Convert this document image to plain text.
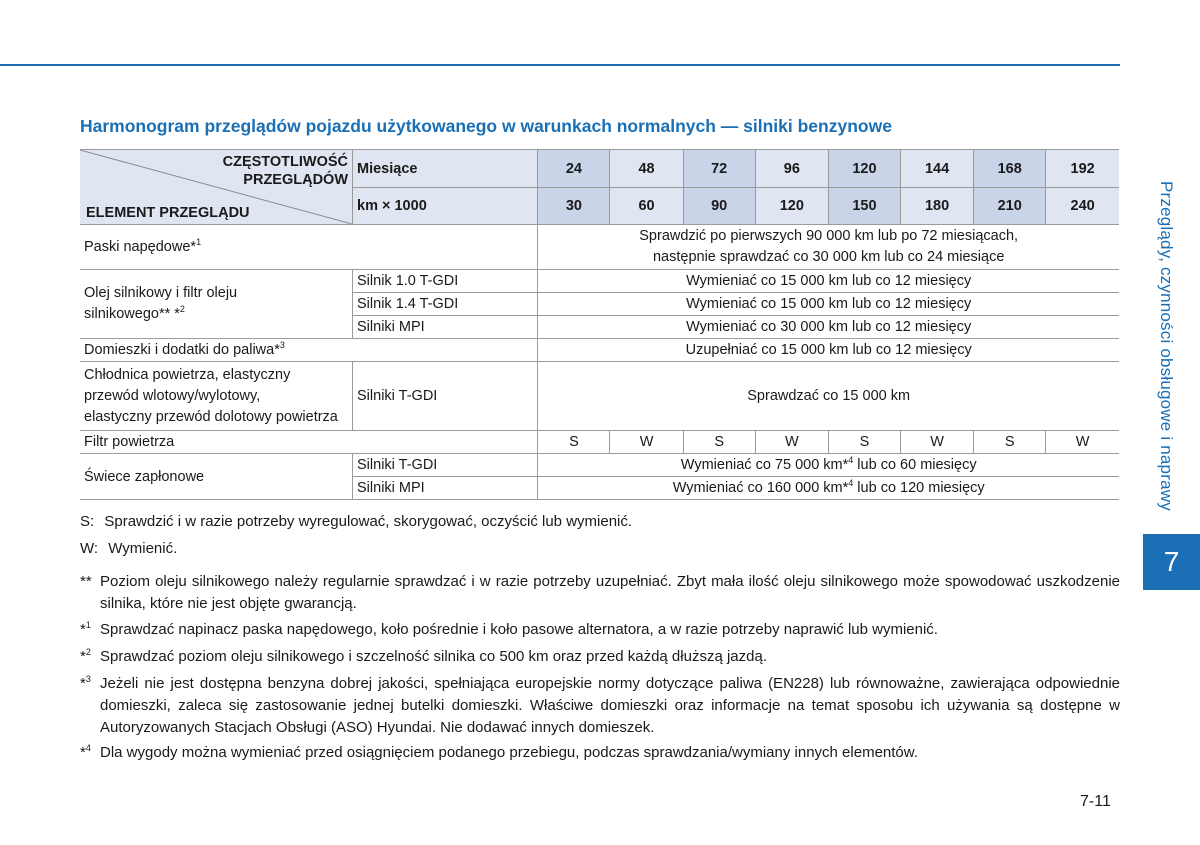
Przeglądy, czynności obsługowe i naprawy
7
Harmonogram przeglądów pojazdu użytkowanego w warunkach normalnych — silniki benzynowe
CZĘSTOTLIWOŚĆ
PRZEGLĄDÓW
ELEMENT PRZEGLĄDU	Miesiące	24	48	72	96	120	144	168	192
	km × 1000	30	60	90	120	150	180	210	240
Paski napędowe*$^1$		Sprawdzić po pierwszych 90 000 km lub po 72 miesiącach,
następnie sprawdzać co 30 000 km lub co 24 miesiące							

Olej silnikowy i filtr oleju
silnikowego** *$^2$	Silnik 1.0 T-GDI	Wymieniać co 15 000 km lub co 12 miesięcy							
	Silnik 1.4 T-GDI	Wymieniać co 15 000 km lub co 12 miesięcy							
	Silniki MPI	Wymieniać co 30 000 km lub co 12 miesięcy							
Domieszki i dodatki do paliwa*$^3$		Uzupełniać co 15 000 km lub co 12 miesięcy							

Chłodnica powietrza, elastyczny
przewód wlotowy/wylotowy,
elastyczny przewód dolotowy powietrza	Silniki T-GDI	Sprawdzać co 15 000 km							
Filtr powietrza		S	W	S	W	S	W	S	W
Świece zapłonowe	Silniki T-GDI	Wymieniać co 75 000 km*$^4$ lub co 60 miesięcy							
	Silniki MPI	Wymieniać co 160 000 km*$^4$ lub co 120 miesięcy							
S: Sprawdzić i w razie potrzeby wyregulować, skorygować, oczyścić lub wymienić.
W: Wymienić.
** Poziom oleju silnikowego należy regularnie sprawdzać i w razie potrzeby uzupełniać. Zbyt mała ilość oleju silnikowego może spowodować uszkodzenie silnika, które nie jest objęte gwarancją.
*$^1$ Sprawdzać napinacz paska napędowego, koło pośrednie i koło pasowe alternatora, a w razie potrzeby naprawić lub wymienić.
*$^2$ Sprawdzać poziom oleju silnikowego i szczelność silnika co 500 km oraz przed każdą dłuższą jazdą.
*$^3$ Jeżeli nie jest dostępna benzyna dobrej jakości, spełniająca europejskie normy dotyczące paliwa (EN228) lub równoważne, zawierająca odpowiednie domieszki, zaleca się zastosowanie jednej butelki domieszki. Właściwe domieszki oraz informacje na temat sposobu ich używania są dostępne w Autoryzowanych Stacjach Obsługi (ASO) Hyundai. Nie dodawać innych domieszek.
*$^4$ Dla wygody można wymieniać przed osiągnięciem podanego przebiegu, podczas sprawdzania/wymiany innych elementów.
7-11
